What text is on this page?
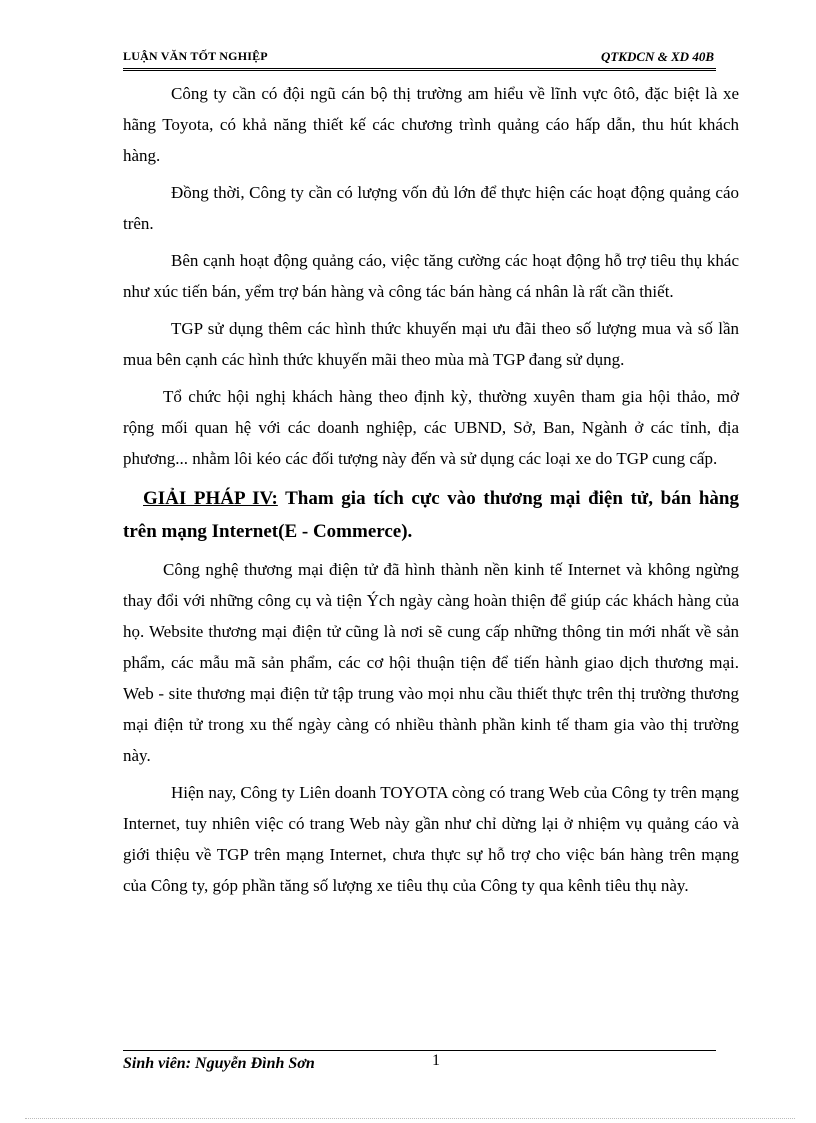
LUẬN VĂN TỐT NGHIỆP	QTKDCN & XD 40B

Công ty cần có đội ngũ cán bộ thị trường am hiểu về lĩnh vực ôtô, đặc biệt là xe hãng Toyota, có khả năng thiết kế các chương trình quảng cáo hấp dẫn, thu hút khách hàng.

Đồng thời, Công ty cần có lượng vốn đủ lớn để thực hiện các hoạt động quảng cáo trên.

Bên cạnh hoạt động quảng cáo, việc tăng cường các hoạt động hỗ trợ tiêu thụ khác như xúc tiến bán, yểm trợ bán hàng và công tác bán hàng cá nhân là rất cần thiết.

TGP sử dụng thêm các hình thức khuyến mại ưu đãi theo số lượng mua và số lần mua bên cạnh các hình thức khuyến mãi theo mùa mà TGP đang sử dụng.

Tổ chức hội nghị khách hàng theo định kỳ, thường xuyên tham gia hội thảo, mở rộng mối quan hệ với các doanh nghiệp, các UBND, Sở, Ban, Ngành ở các tỉnh, địa phương... nhằm lôi kéo các đối tượng này đến và sử dụng các loại xe do TGP cung cấp.

GIẢI PHÁP IV: Tham gia tích cực vào thương mại điện tử, bán hàng trên mạng Internet(E - Commerce).

Công nghệ thương mại điện tử đã hình thành nền kinh tế Internet và không ngừng thay đổi với những công cụ và tiện Ých ngày càng hoàn thiện để giúp các khách hàng của họ. Website thương mại điện tử cũng là nơi sẽ cung cấp những thông tin mới nhất về sản phẩm, các mẫu mã sản phẩm, các cơ hội thuận tiện để tiến hành giao dịch thương mại. Web - site thương mại điện tử tập trung vào mọi nhu cầu thiết thực trên thị trường thương mại điện tử trong xu thế ngày càng có nhiều thành phần kinh tế tham gia vào thị trường này.

Hiện nay, Công ty Liên doanh TOYOTA còng có trang Web của Công ty trên mạng Internet, tuy nhiên việc có trang Web này gần như chỉ dừng lại ở nhiệm vụ quảng cáo và giới thiệu về TGP trên mạng Internet, chưa thực sự hỗ trợ cho việc bán hàng trên mạng của Công ty, góp phần tăng số lượng xe tiêu thụ của Công ty qua kênh tiêu thụ này.

Sinh viên: Nguyễn Đình Sơn	1
